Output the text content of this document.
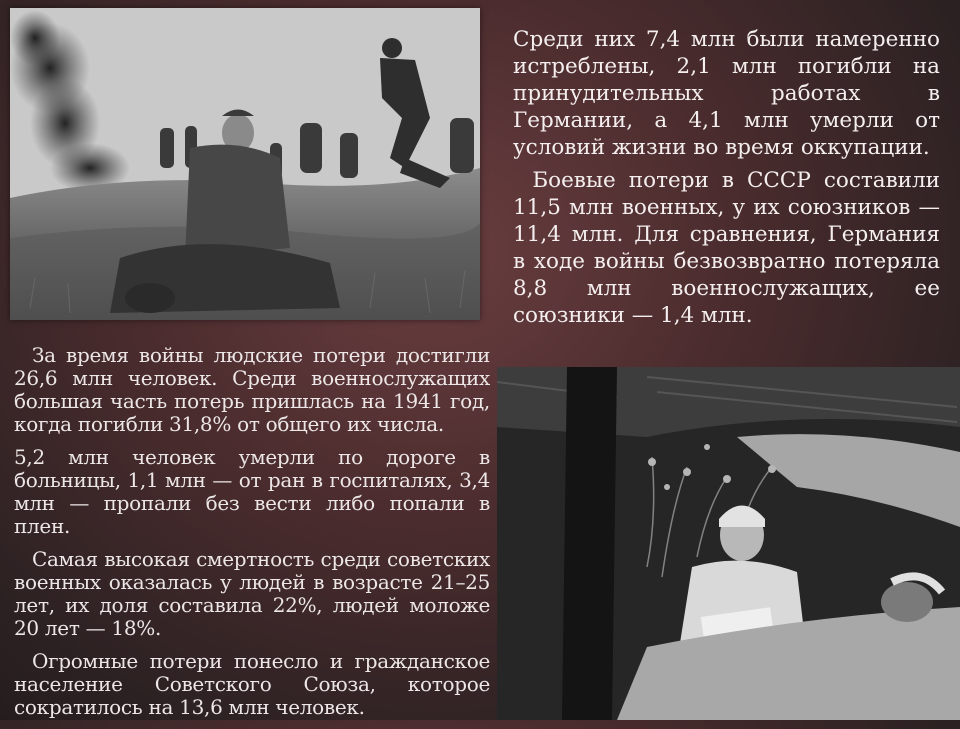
Среди них 7,4 млн были намеренно истреблены, 2,1 млн погибли на принудительных работах в Германии, а 4,1 млн умерли от условий жизни во время оккупации.

Боевые потери в СССР составили 11,5 млн военных, у их союзников — 11,4 млн. Для сравнения, Германия в ходе войны безвозвратно потеряла 8,8 млн военнослужащих, ее союзники — 1,4 млн.

За время войны людские потери достигли 26,6 млн человек. Среди военнослужащих большая часть потерь пришлась на 1941 год, когда погибли 31,8% от общего их числа.

5,2 млн человек умерли по дороге в больницы, 1,1 млн — от ран в госпиталях, 3,4 млн — пропали без вести либо попали в плен.

Самая высокая смертность среди советских военных оказалась у людей в возрасте 21–25 лет, их доля составила 22%, людей моложе 20 лет — 18%.

Огромные потери понесло и гражданское население Советского Союза, которое сократилось на 13,6 млн человек.
